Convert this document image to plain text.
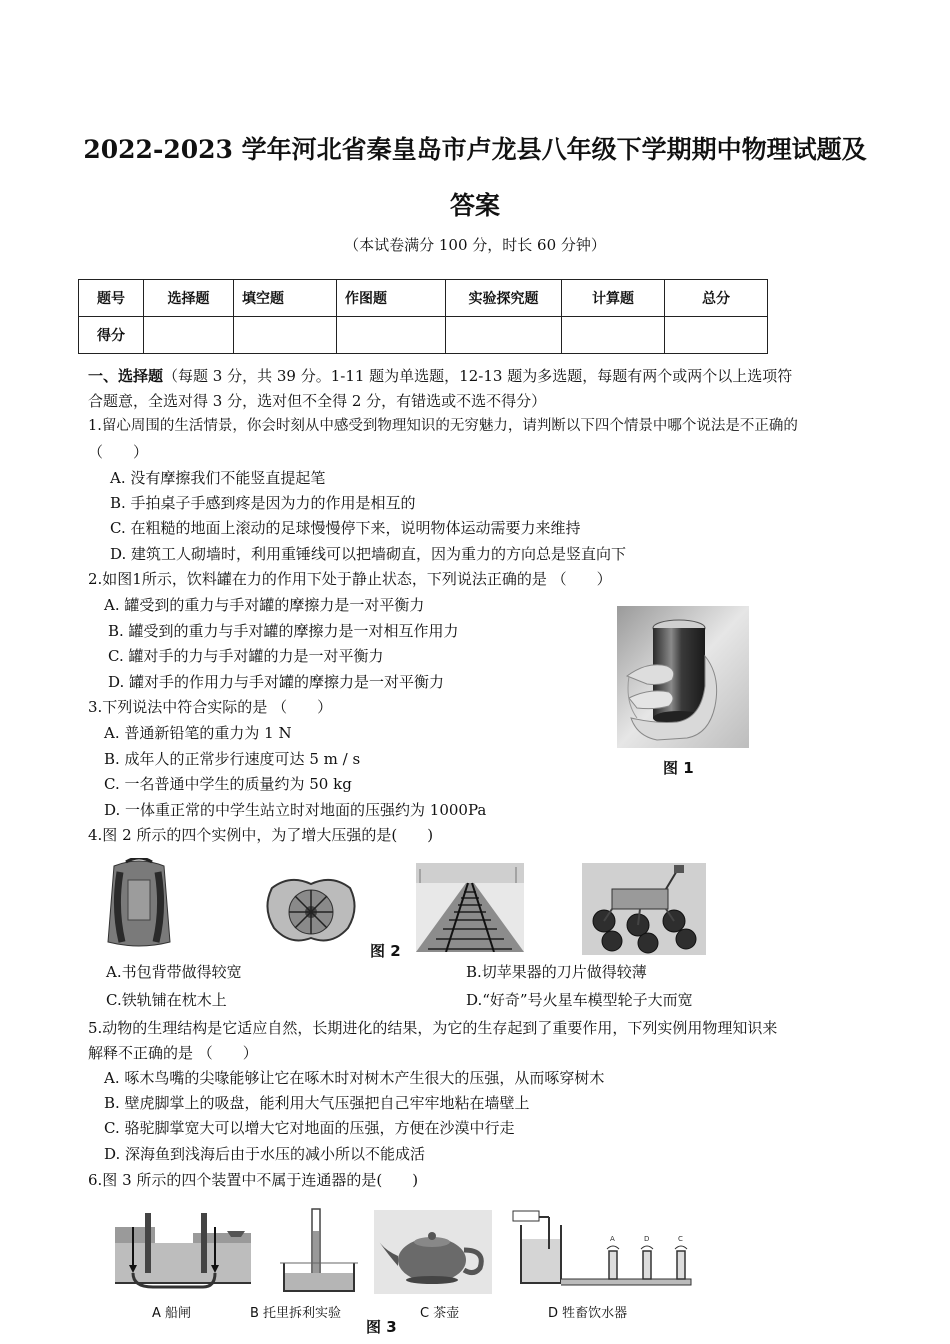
2022-2023 学年河北省秦皇岛市卢龙县八年级下学期期中物理试题及
答案
（本试卷满分 100 分，时长 60 分钟）
题号	选择题	填空题	作图题	实验探究题	计算题	总分
得分						
一、选择题（每题 3 分，共 39 分。1-11 题为单选题，12-13 题为多选题，每题有两个或两个以上选项符
合题意，全选对得 3 分，选对但不全得 2 分，有错选或不选不得分）
1.留心周围的生活情景，你会时刻从中感受到物理知识的无穷魅力，请判断以下四个情景中哪个说法是不正确的
（　　）
A. 没有摩擦我们不能竖直提起笔
B. 手拍桌子手感到疼是因为力的作用是相互的
C. 在粗糙的地面上滚动的足球慢慢停下来，说明物体运动需要力来维持
D. 建筑工人砌墙时，利用重锤线可以把墙砌直，因为重力的方向总是竖直向下
2.如图1所示，饮料罐在力的作用下处于静止状态，下列说法正确的是 （　　）
A. 罐受到的重力与手对罐的摩擦力是一对平衡力
B. 罐受到的重力与手对罐的摩擦力是一对相互作用力
C. 罐对手的力与手对罐的力是一对平衡力
D. 罐对手的作用力与手对罐的摩擦力是一对平衡力
图 1
3.下列说法中符合实际的是 （　　）
A. 普通新铅笔的重力为 1 N
B. 成年人的正常步行速度可达 5 m / s
C. 一名普通中学生的质量约为 50 kg
D. 一体重正常的中学生站立时对地面的压强约为 1000Pa
4.图 2 所示的四个实例中，为了增大压强的是(　　)
图 2
A.书包背带做得较宽	B.切苹果器的刀片做得较薄
C.铁轨铺在枕木上	D.“好奇”号火星车模型轮子大而宽
5.动物的生理结构是它适应自然，长期进化的结果，为它的生存起到了重要作用，下列实例用物理知识来
解释不正确的是 （　　）
A. 啄木鸟嘴的尖喙能够让它在啄木时对树木产生很大的压强，从而啄穿树木
B. 壁虎脚掌上的吸盘，能利用大气压强把自己牢牢地粘在墙壁上
C. 骆驼脚掌宽大可以增大它对地面的压强，方便在沙漠中行走
D. 深海鱼到浅海后由于水压的减小所以不能成活
6.图 3 所示的四个装置中不属于连通器的是(　　)
A	D	C
A 船闸	B 托里拆利实验	C 茶壶	D 牲畜饮水器
图 3
